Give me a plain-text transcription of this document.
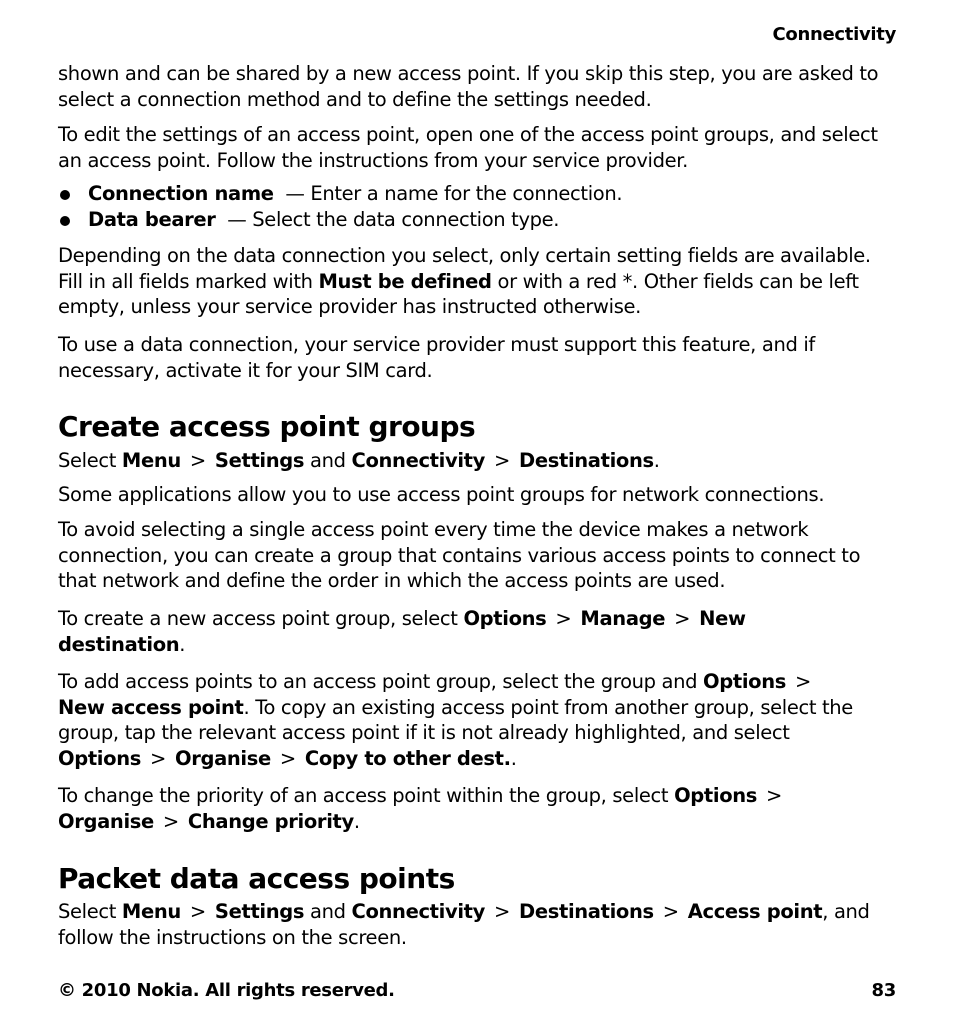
Connectivity

shown and can be shared by a new access point. If you skip this step, you are asked to select a connection method and to define the settings needed.

To edit the settings of an access point, open one of the access point groups, and select an access point. Follow the instructions from your service provider.

Connection name — Enter a name for the connection.
Data bearer — Select the data connection type.

Depending on the data connection you select, only certain setting fields are available. Fill in all fields marked with Must be defined or with a red *. Other fields can be left empty, unless your service provider has instructed otherwise.

To use a data connection, your service provider must support this feature, and if necessary, activate it for your SIM card.

Create access point groups

Select Menu > Settings and Connectivity > Destinations.

Some applications allow you to use access point groups for network connections.

To avoid selecting a single access point every time the device makes a network connection, you can create a group that contains various access points to connect to that network and define the order in which the access points are used.

To create a new access point group, select Options > Manage > New
destination.

To add access points to an access point group, select the group and Options >
New access point. To copy an existing access point from another group, select the group, tap the relevant access point if it is not already highlighted, and select
Options > Organise > Copy to other dest..

To change the priority of an access point within the group, select Options >
Organise > Change priority.

Packet data access points

Select Menu > Settings and Connectivity > Destinations > Access point, and follow the instructions on the screen.

© 2010 Nokia. All rights reserved.	83
